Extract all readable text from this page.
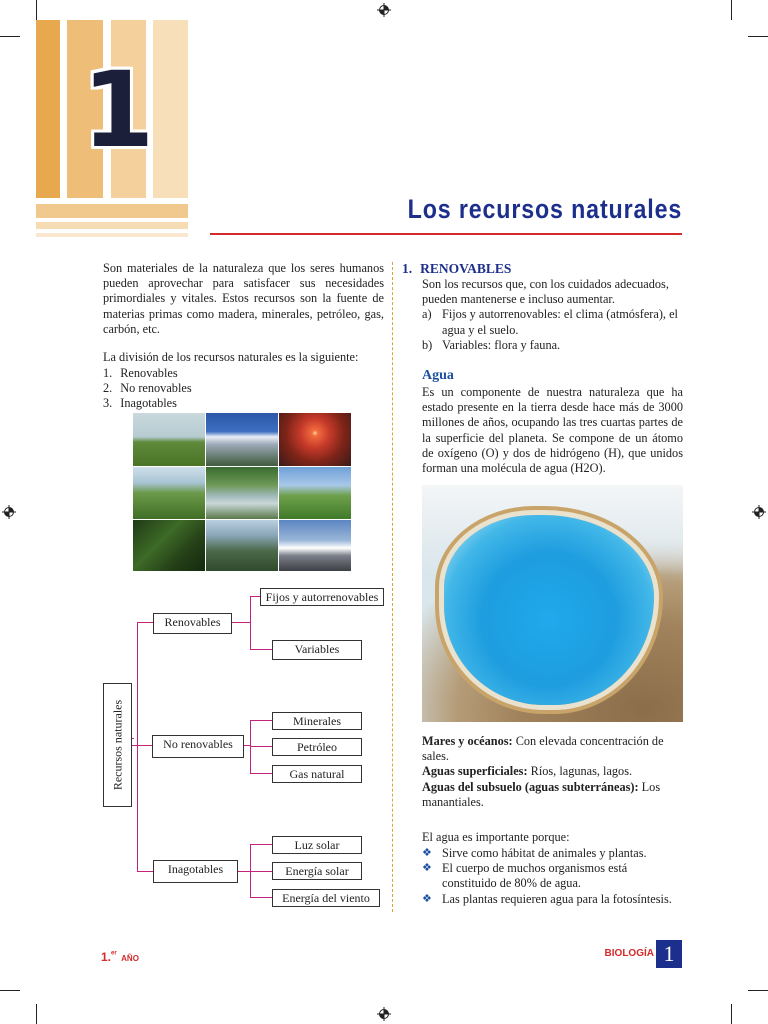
1
Los recursos naturales
Son materiales de la naturaleza que los seres humanos pueden aprovechar para satisfacer sus necesidades primordiales y vitales. Estos recursos son la fuente de materias primas como madera, minerales, petróleo, gas, carbón, etc.
La división de los recursos naturales es la siguiente:
1. Renovables
2. No renovables
3. Inagotables
Recursos naturales
Renovables
No renovables
Inagotables
Fijos y autorrenovables
Variables
Minerales
Petróleo
Gas natural
Luz solar
Energía solar
Energía del viento
1. RENOVABLES
Son los recursos que, con los cuidados adecuados, pueden mantenerse e incluso aumentar.
a) Fijos y autorrenovables: el clima (atmósfera), el agua y el suelo.
b) Variables: flora y fauna.
Agua
Es un componente de nuestra naturaleza que ha estado presente en la tierra desde hace más de 3000 millones de años, ocupando las tres cuartas partes de la superficie del planeta. Se compone de un átomo de oxígeno (O) y dos de hidrógeno (H), que unidos forman una molécula de agua (H2O).
Mares y océanos: Con elevada concentración de sales.
Aguas superficiales: Ríos, lagunas, lagos.
Aguas del subsuelo (aguas subterráneas): Los manantiales.
El agua es importante porque:
❖ Sirve como hábitat de animales y plantas.
❖ El cuerpo de muchos organismos está constituido de 80% de agua.
❖ Las plantas requieren agua para la fotosíntesis.
1.$^{er}$ AÑO	BIOLOGÍA 1
